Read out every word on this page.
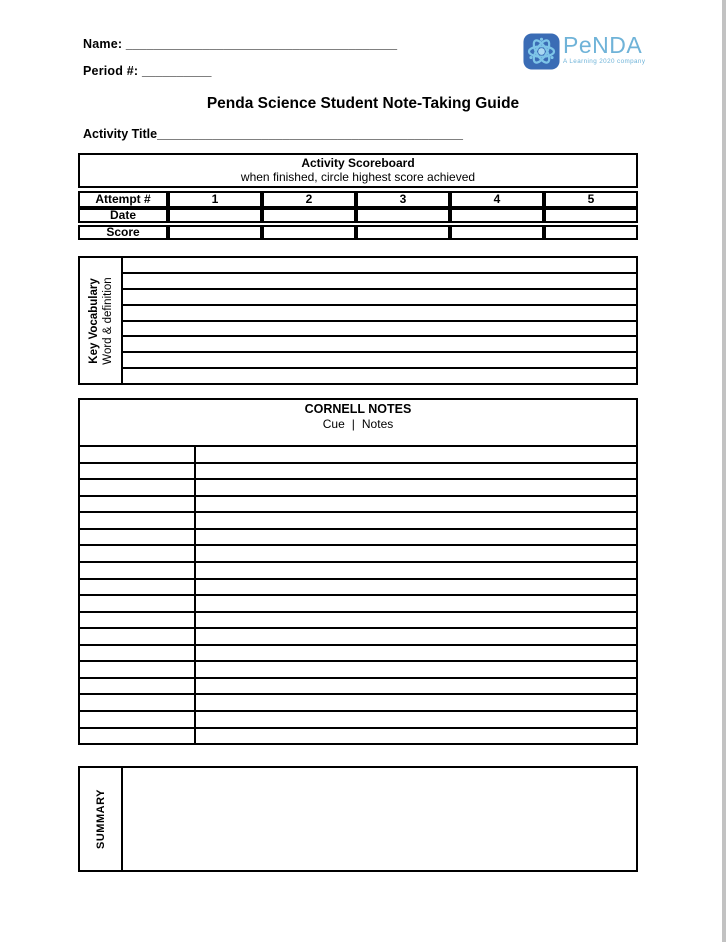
Name: _______________________________________
Period #: __________
PeNDA
A Learning 2020 company
Penda Science Student Note-Taking Guide
Activity Title____________________________________________
Activity Scoreboard
when finished, circle highest score achieved
Attempt #	1	2	3	4	5
Date
Score
Key Vocabulary Word & definition
CORNELL NOTES
Cue | Notes
SUMMARY
